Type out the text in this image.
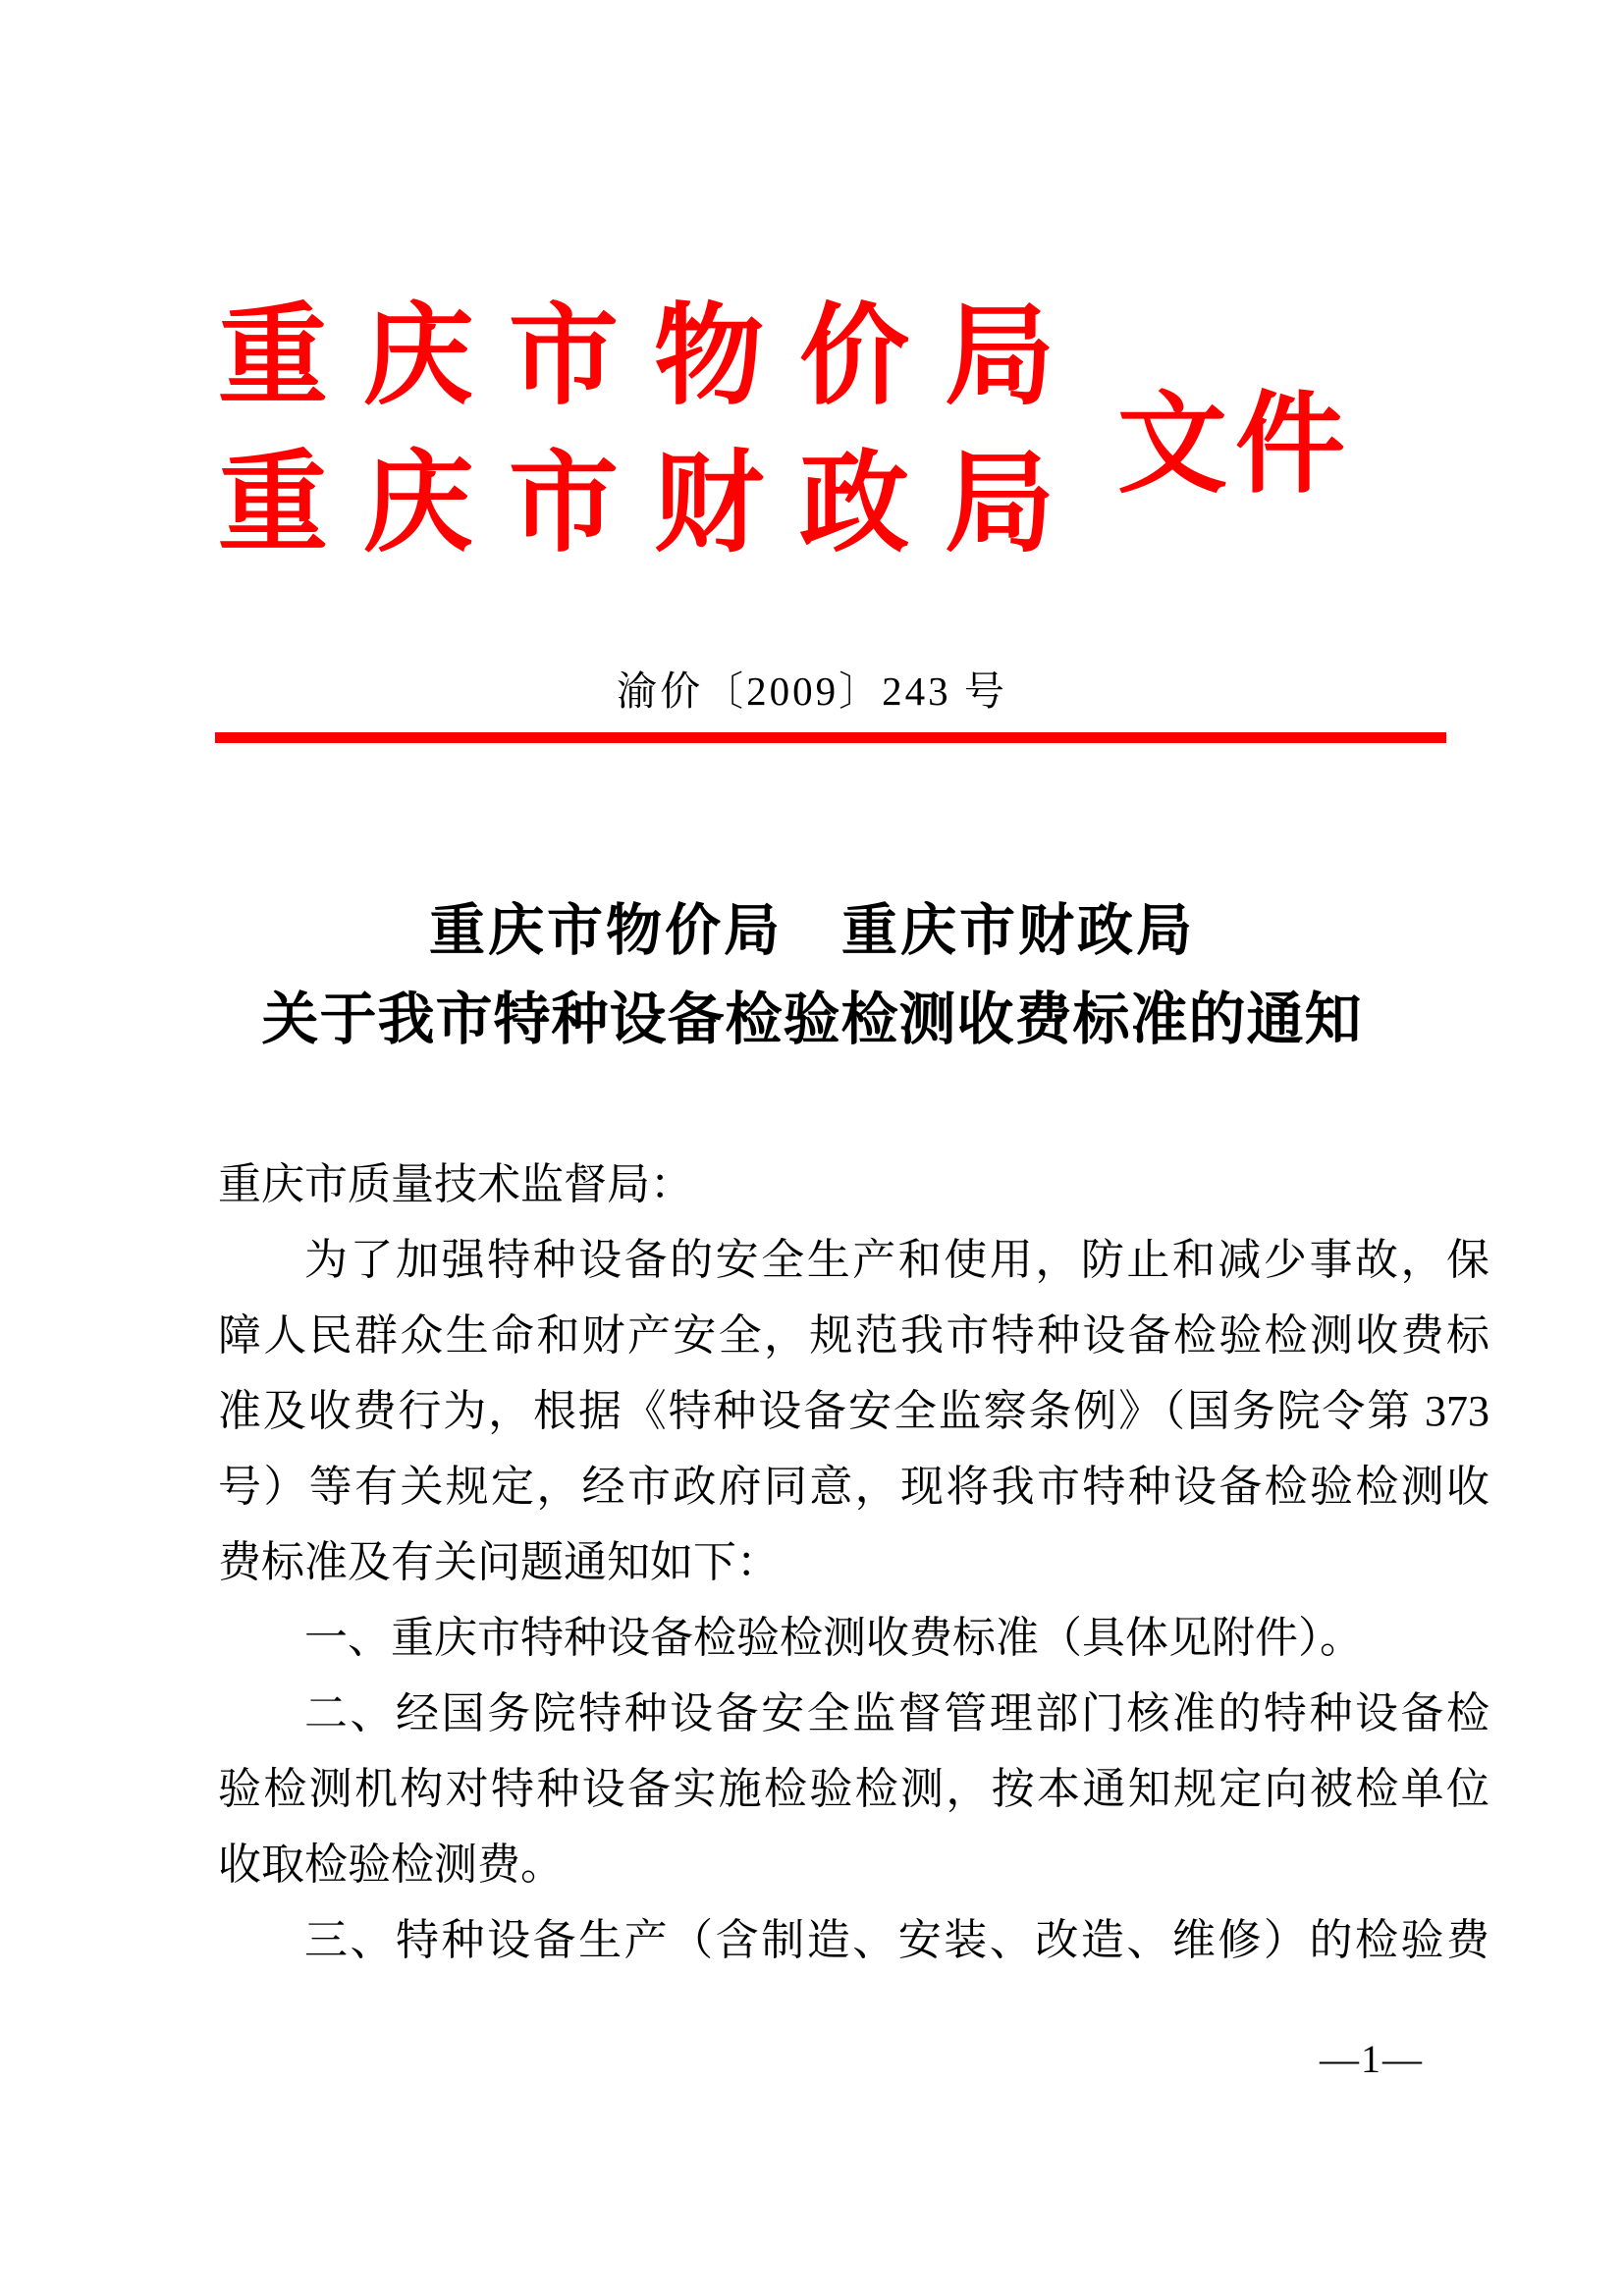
重庆市物价局
重庆市财政局 文件
渝价〔2009〕243 号
重庆市物价局　重庆市财政局
关于我市特种设备检验检测收费标准的通知
重庆市质量技术监督局：
为了加强特种设备的安全生产和使用，防止和减少事故，保
障人民群众生命和财产安全，规范我市特种设备检验检测收费标
准及收费行为，根据《特种设备安全监察条例》（国务院令第 373
号）等有关规定，经市政府同意，现将我市特种设备检验检测收
费标准及有关问题通知如下：
一、重庆市特种设备检验检测收费标准（具体见附件）。
二、经国务院特种设备安全监督管理部门核准的特种设备检
验检测机构对特种设备实施检验检测，按本通知规定向被检单位
收取检验检测费。
三、特种设备生产（含制造、安装、改造、维修）的检验费
—1—
